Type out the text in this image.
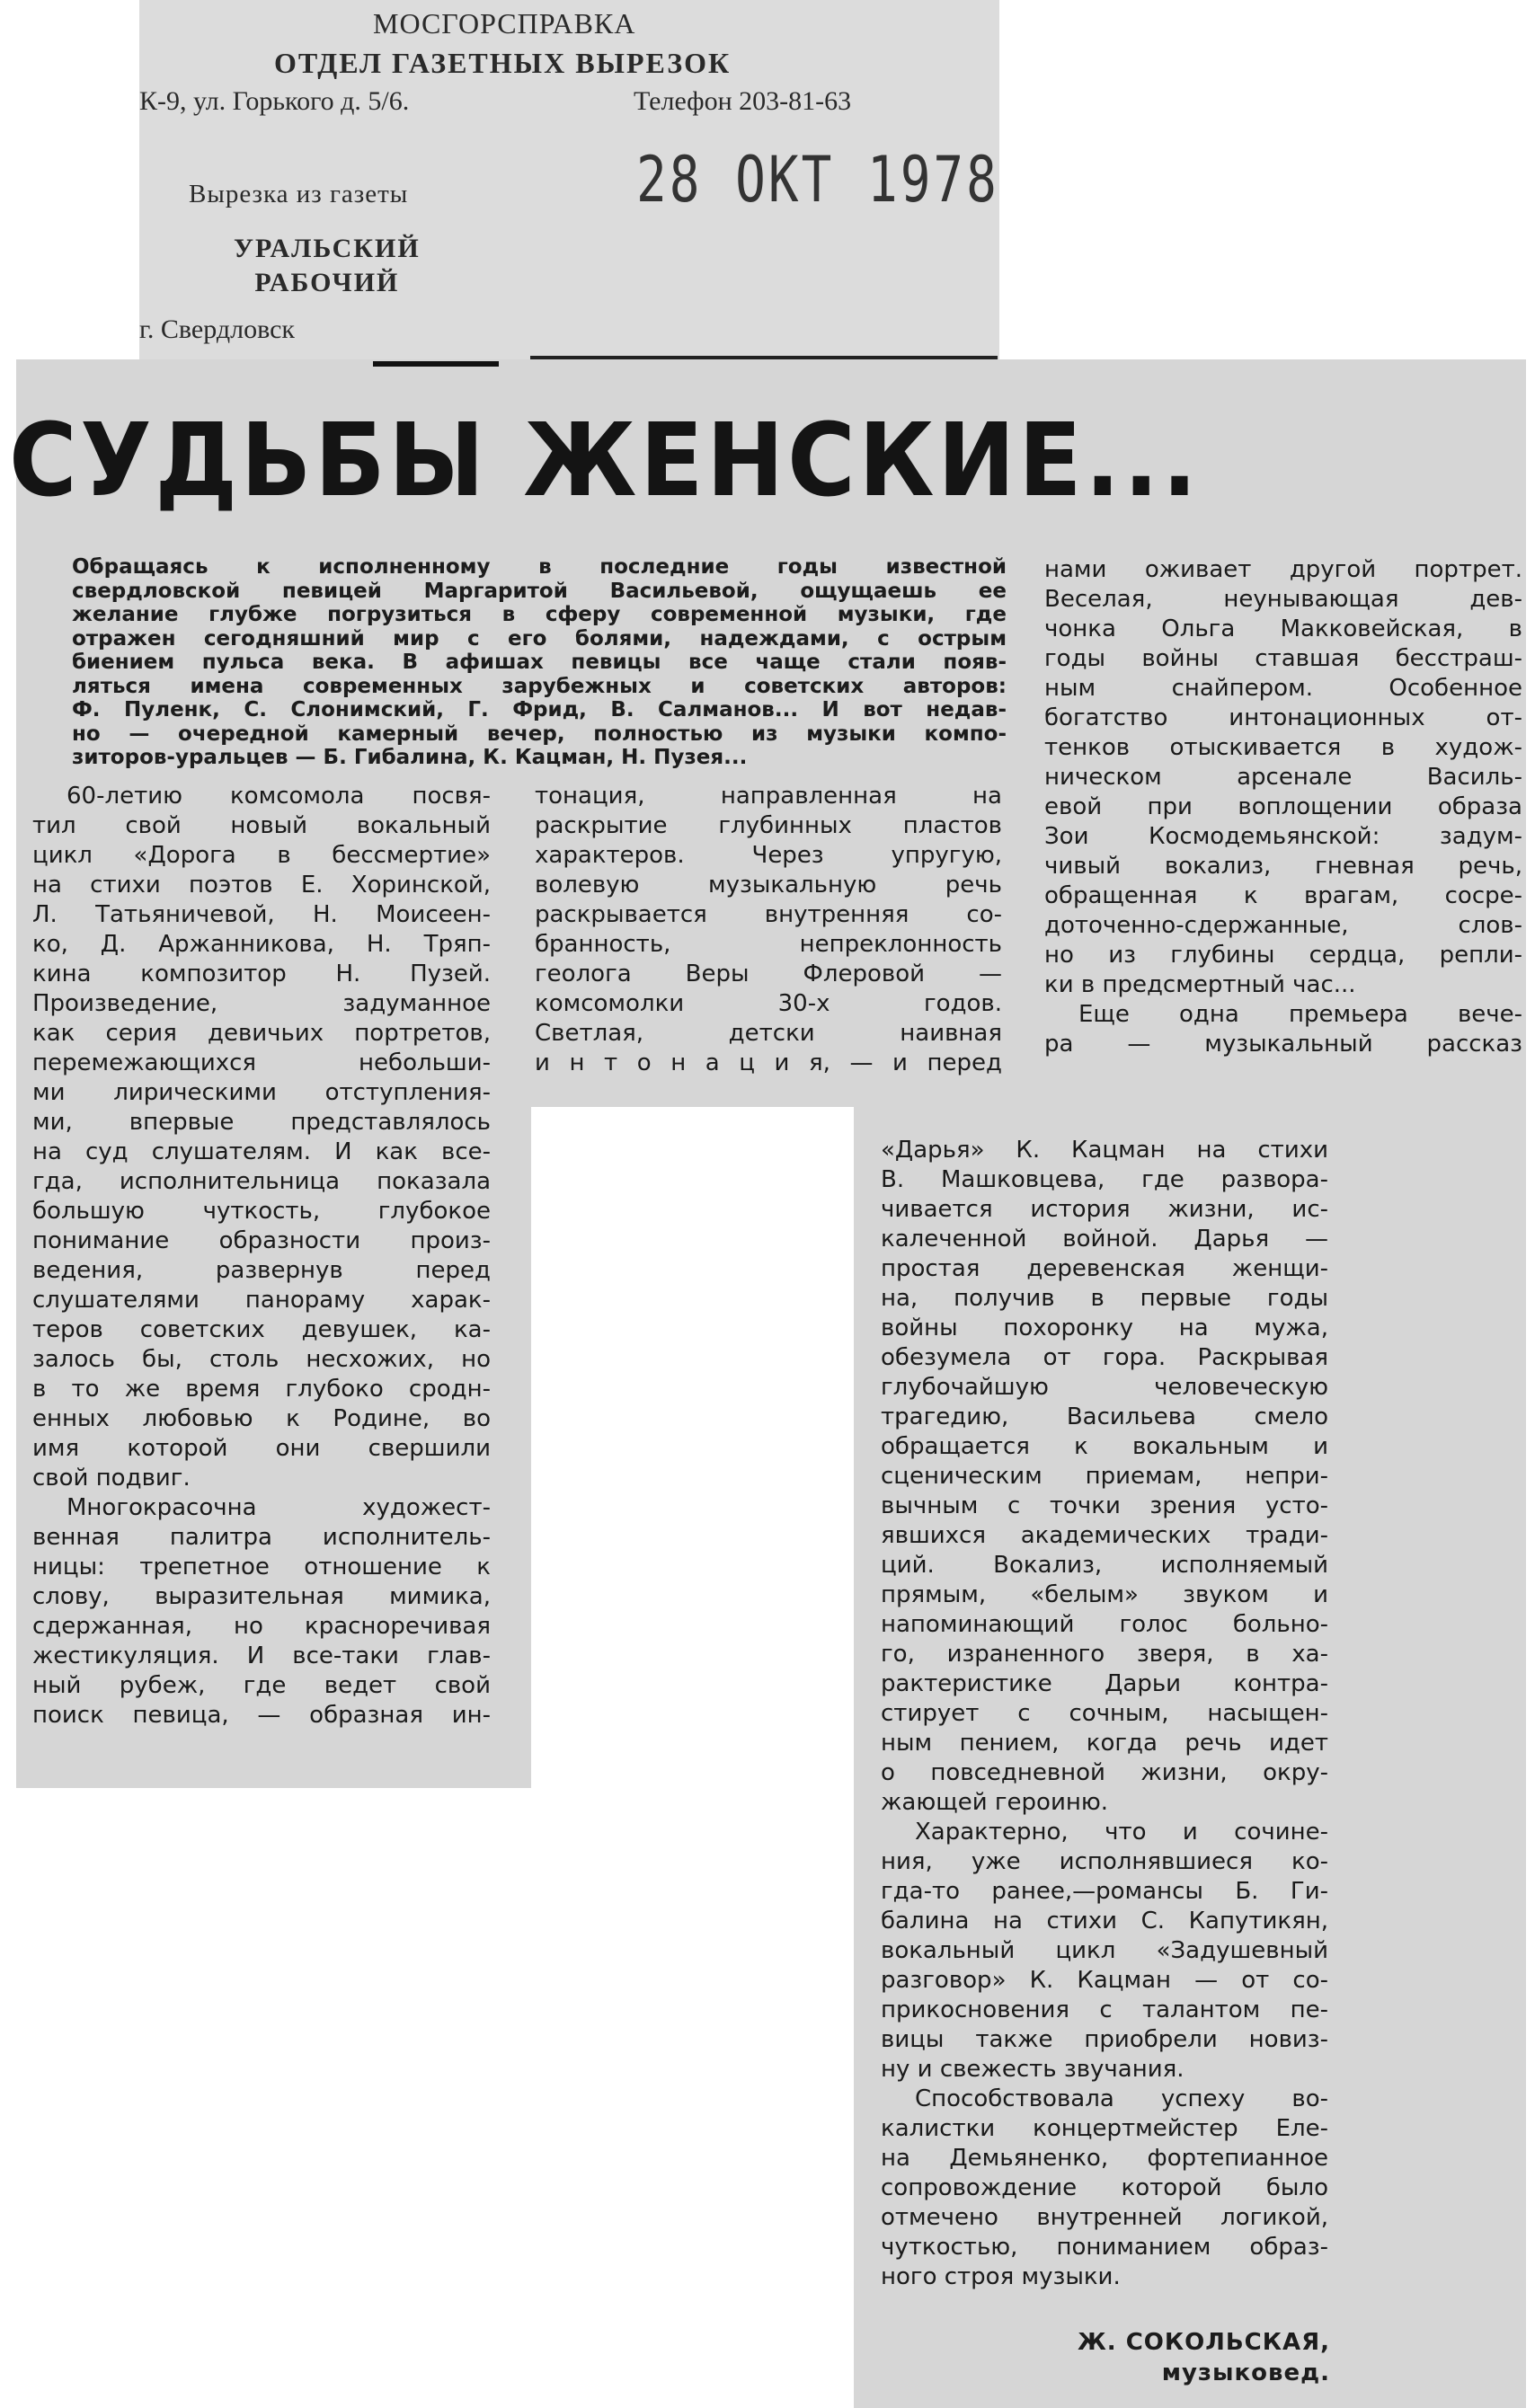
МОСГОРСПРАВКА
ОТДЕЛ ГАЗЕТНЫХ ВЫРЕЗОК
К-9, ул. Горького д. 5/6.	Телефон 203-81-63
28 ОКТ 1978
Вырезка из газеты
УРАЛЬСКИЙ
РАБОЧИЙ
г. Свердловск
СУДЬБЫ ЖЕНСКИЕ...
Обращаясь к исполненному в последние годы известной
свердловской певицей Маргаритой Васильевой, ощущаешь ее
желание глубже погрузиться в сферу современной музыки, где
отражен сегодняшний мир с его болями, надеждами, с острым
биением пульса века. В афишах певицы все чаще стали появ-
ляться имена современных зарубежных и советских авторов:
Ф. Пуленк, С. Слонимский, Г. Фрид, В. Салманов... И вот недав-
но — очередной камерный вечер, полностью из музыки компо-
зиторов-уральцев — Б. Гибалина, К. Кацман, Н. Пузея...
60-летию комсомола посвя-
тил свой новый вокальный
цикл «Дорога в бессмертие»
на стихи поэтов Е. Хоринской,
Л. Татьяничевой, Н. Моисеен-
ко, Д. Аржанникова, Н. Тряп-
кина композитор Н. Пузей.
Произведение, задуманное
как серия девичьих портретов,
перемежающихся небольши-
ми лирическими отступления-
ми, впервые представлялось
на суд слушателям. И как все-
гда, исполнительница показала
большую чуткость, глубокое
понимание образности произ-
ведения, развернув перед
слушателями панораму харак-
теров советских девушек, ка-
залось бы, столь несхожих, но
в то же время глубоко сродн-
енных любовью к Родине, во
имя которой они свершили
свой подвиг.
Многокрасочна художест-
венная палитра исполнитель-
ницы: трепетное отношение к
слову, выразительная мимика,
сдержанная, но красноречивая
жестикуляция. И все-таки глав-
ный рубеж, где ведет свой
поиск певица, — образная ин-
тонация, направленная на
раскрытие глубинных пластов
характеров. Через упругую,
волевую музыкальную речь
раскрывается внутренняя со-
бранность, непреклонность
геолога Веры Флеровой —
комсомолки 30-х годов.
Светлая, детски наивная
и н т о н а ц и я, — и перед
нами оживает другой портрет.
Веселая, неунывающая дев-
чонка Ольга Макковейская, в
годы войны ставшая бесстраш-
ным снайпером. Особенное
богатство интонационных от-
тенков отыскивается в худож-
ническом арсенале Василь-
евой при воплощении образа
Зои Космодемьянской: задум-
чивый вокализ, гневная речь,
обращенная к врагам, сосре-
доточенно-сдержанные, слов-
но из глубины сердца, репли-
ки в предсмертный час...
Еще одна премьера вече-
ра — музыкальный рассказ
«Дарья» К. Кацман на стихи
В. Машковцева, где развора-
чивается история жизни, ис-
калеченной войной. Дарья —
простая деревенская женщи-
на, получив в первые годы
войны похоронку на мужа,
обезумела от гора. Раскрывая
глубочайшую человеческую
трагедию, Васильева смело
обращается к вокальным и
сценическим приемам, непри-
вычным с точки зрения усто-
явшихся академических тради-
ций. Вокализ, исполняемый
прямым, «белым» звуком и
напоминающий голос больно-
го, израненного зверя, в ха-
рактеристике Дарьи контра-
стирует с сочным, насыщен-
ным пением, когда речь идет
о повседневной жизни, окру-
жающей героиню.
Характерно, что и сочине-
ния, уже исполнявшиеся ко-
гда-то ранее,—романсы Б. Ги-
балина на стихи С. Капутикян,
вокальный цикл «Задушевный
разговор» К. Кацман — от со-
прикосновения с талантом пе-
вицы также приобрели новиз-
ну и свежесть звучания.
Способствовала успеху во-
калистки концертмейстер Еле-
на Демьяненко, фортепианное
сопровождение которой было
отмечено внутренней логикой,
чуткостью, пониманием образ-
ного строя музыки.
Ж. СОКОЛЬСКАЯ,
музыковед.
